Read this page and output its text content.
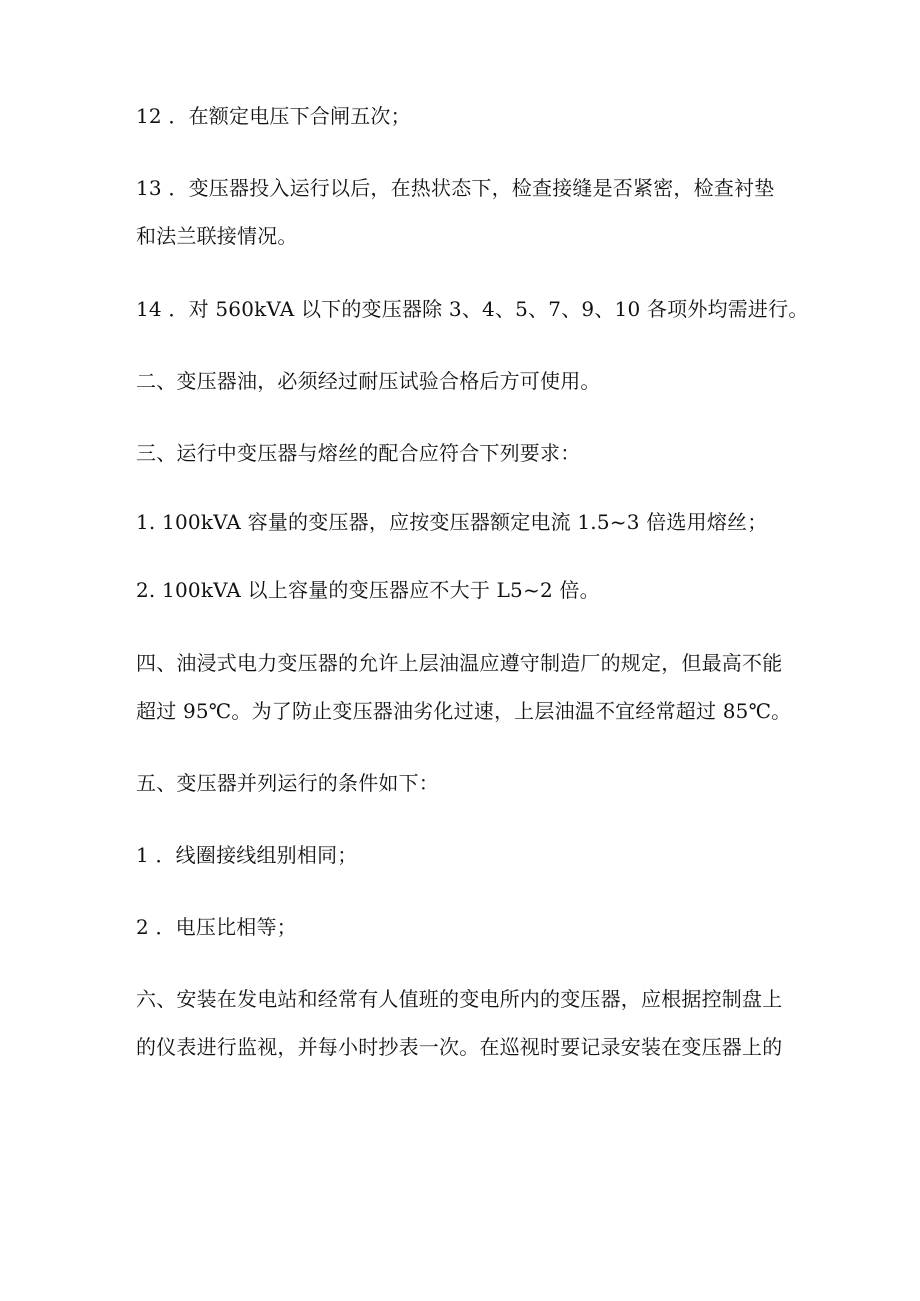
12 ．在额定电压下合闸五次；

13 ．变压器投入运行以后，在热状态下，检查接缝是否紧密，检查衬垫

和法兰联接情况。

14 ．对 560kVA 以下的变压器除 3、4、5、7、9、10 各项外均需进行。

二、变压器油，必须经过耐压试验合格后方可使用。

三、运行中变压器与熔丝的配合应符合下列要求：

1. 100kVA 容量的变压器，应按变压器额定电流 1.5~3 倍选用熔丝；

2. 100kVA 以上容量的变压器应不大于 L5~2 倍。

四、油浸式电力变压器的允许上层油温应遵守制造厂的规定，但最高不能

超过 95℃。为了防止变压器油劣化过速，上层油温不宜经常超过 85℃。

五、变压器并列运行的条件如下：

1 ．线圈接线组别相同；

2 ．电压比相等；

六、安装在发电站和经常有人值班的变电所内的变压器，应根据控制盘上

的仪表进行监视，并每小时抄表一次。在巡视时要记录安装在变压器上的
